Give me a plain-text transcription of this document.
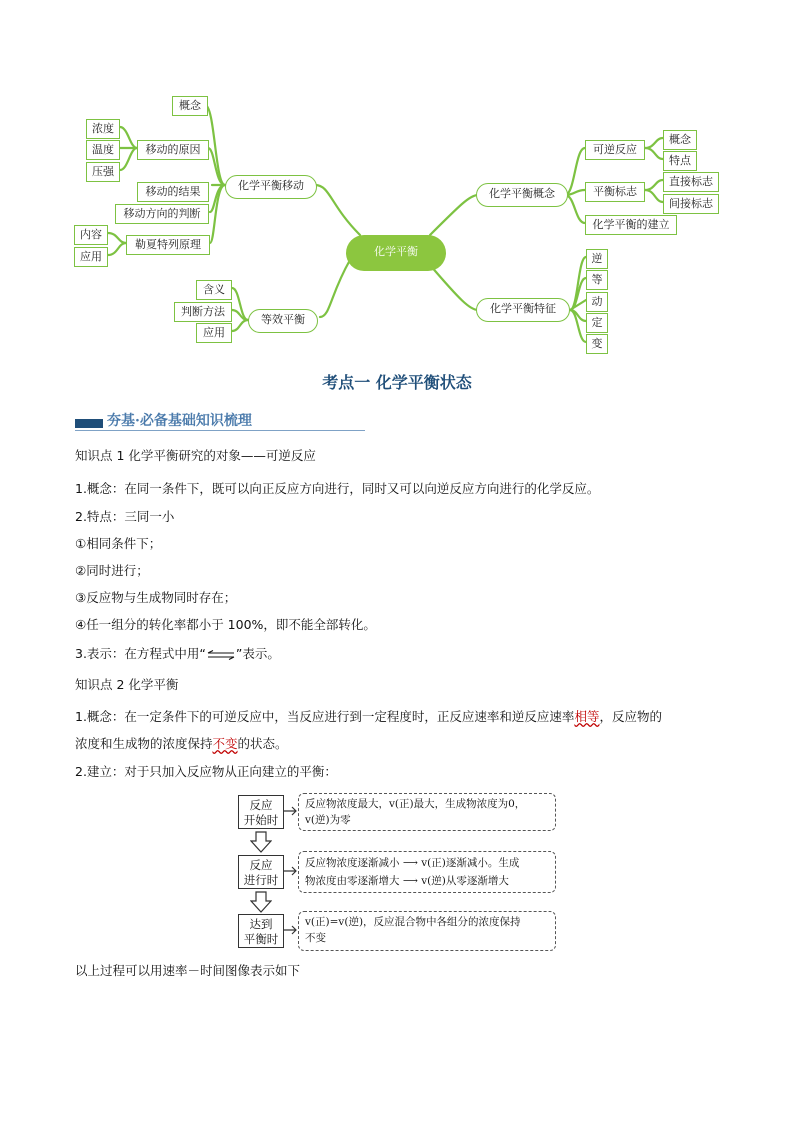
化学平衡
化学平衡移动
等效平衡
化学平衡概念
化学平衡特征
概念
移动的原因
移动的结果
移动方向的判断
勒夏特列原理
浓度
温度
压强
内容
应用
含义
判断方法
应用
可逆反应
平衡标志
化学平衡的建立
概念
特点
直接标志
间接标志
逆
等
动
定
变
考点一 化学平衡状态
夯基·必备基础知识梳理
知识点 1 化学平衡研究的对象——可逆反应
1.概念：在同一条件下，既可以向正反应方向进行，同时又可以向逆反应方向进行的化学反应。
2.特点：三同一小
①相同条件下；
②同时进行；
③反应物与生成物同时存在；
④任一组分的转化率都小于 100%，即不能全部转化。
3.表示：在方程式中用“⇌”表示。
知识点 2 化学平衡
1.概念：在一定条件下的可逆反应中，当反应进行到一定程度时，正反应速率和逆反应速率相等，反应物的
浓度和生成物的浓度保持不变的状态。
2.建立：对于只加入反应物从正向建立的平衡：
反应
开始时
反应物浓度最大，v(正)最大，生成物浓度为0，
v(逆)为零
反应
进行时
反应物浓度逐渐减小 ⟶ v(正)逐渐减小。生成
物浓度由零逐渐增大 ⟶ v(逆)从零逐渐增大
达到
平衡时
v(正)=v(逆)，反应混合物中各组分的浓度保持
不变
以上过程可以用速率－时间图像表示如下
